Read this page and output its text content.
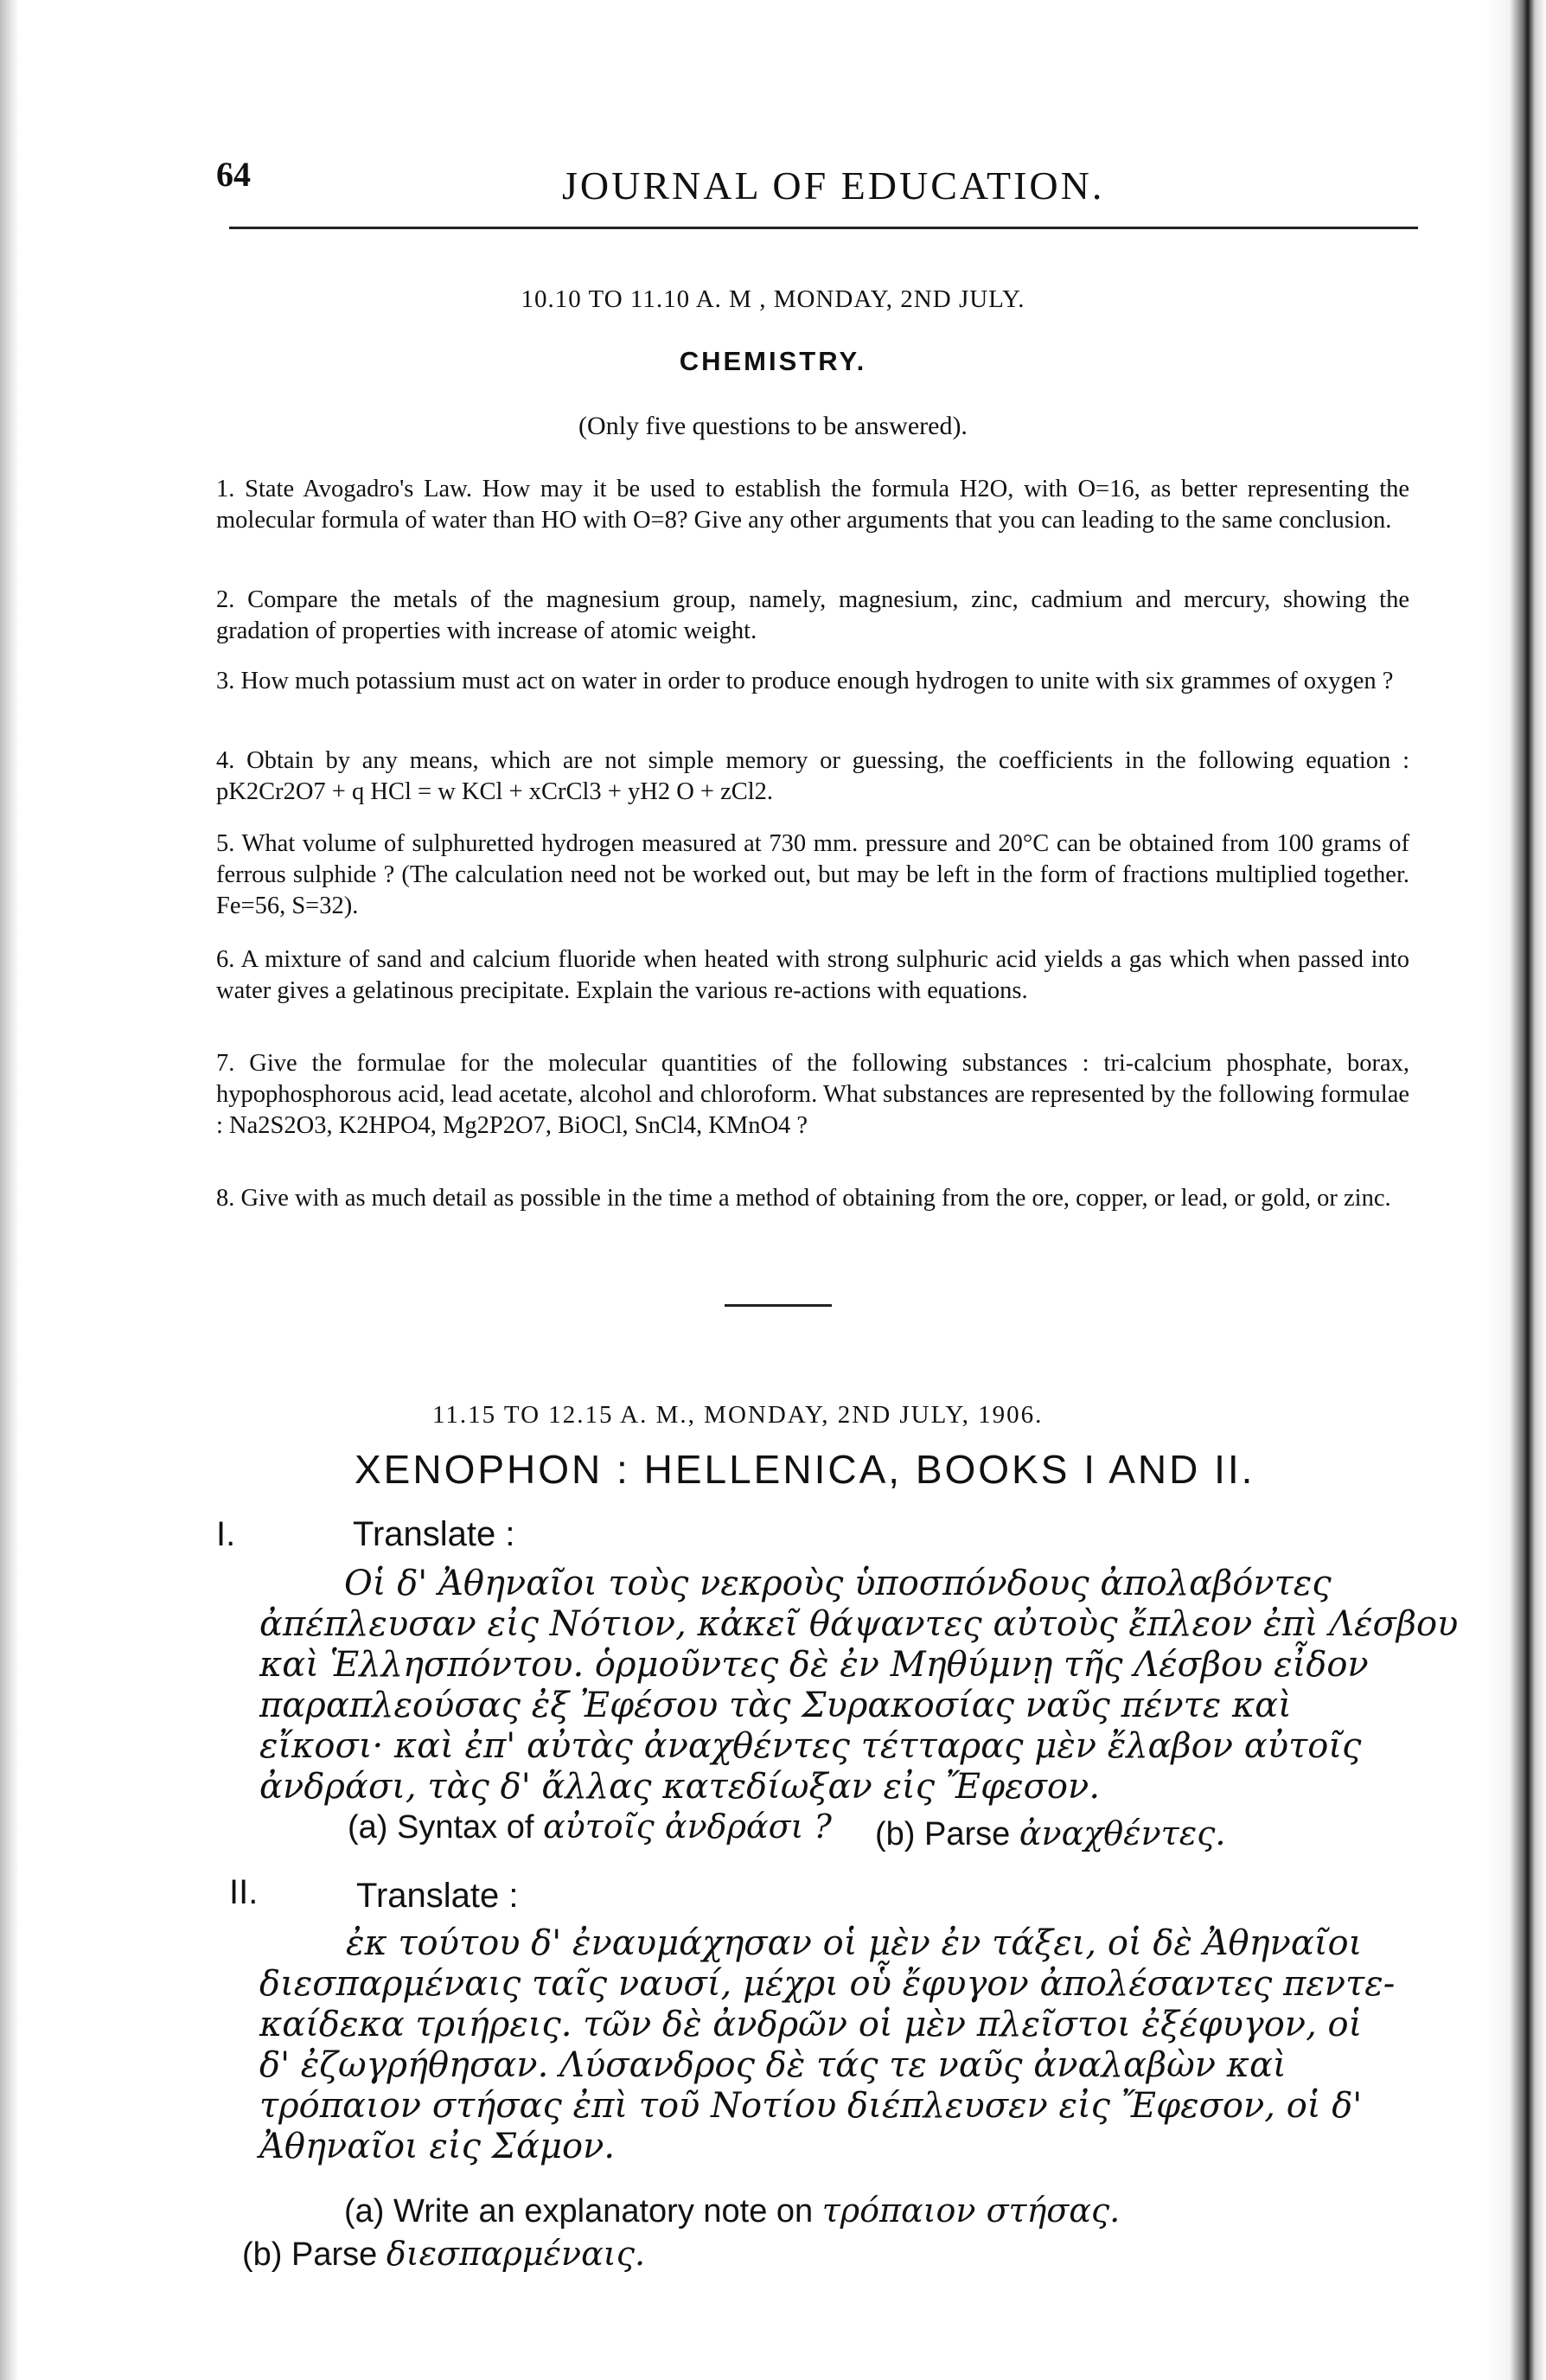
64	JOURNAL OF EDUCATION.
10.10 TO 11.10 A. M , MONDAY, 2ND JULY.
CHEMISTRY.
(Only five questions to be answered).
1. State Avogadro's Law. How may it be used to establish the formula H2O, with O=16, as better representing the molecular formula of water than HO with O=8? Give any other arguments that you can leading to the same conclusion.
2. Compare the metals of the magnesium group, namely, magnesium, zinc, cadmium and mercury, showing the gradation of properties with increase of atomic weight.
3. How much potassium must act on water in order to produce enough hydrogen to unite with six grammes of oxygen ?
4. Obtain by any means, which are not simple memory or guessing, the coefficients in the following equation : pK2Cr2O7 + q HCl = w KCl + xCrCl3 + yH2 O + zCl2.
5. What volume of sulphuretted hydrogen measured at 730 mm. pressure and 20°C can be obtained from 100 grams of ferrous sulphide ? (The calculation need not be worked out, but may be left in the form of fractions multiplied together. Fe=56, S=32).
6. A mixture of sand and calcium fluoride when heated with strong sulphuric acid yields a gas which when passed into water gives a gelatinous precipitate. Explain the various re-actions with equations.
7. Give the formulae for the molecular quantities of the following substances : tri-calcium phosphate, borax, hypophosphorous acid, lead acetate, alcohol and chloroform. What substances are represented by the following formulae : Na2S2O3, K2HPO4, Mg2P2O7, BiOCl, SnCl4, KMnO4 ?
8. Give with as much detail as possible in the time a method of obtaining from the ore, copper, or lead, or gold, or zinc.
11.15 TO 12.15 A. M., MONDAY, 2ND JULY, 1906.
XENOPHON : HELLENICA, BOOKS I AND II.
I.	Translate :
Οἱ δ' Ἀθηναῖοι τοὺς νεκροὺς ὑποσπόνδους ἀπολαβόντες
ἀπέπλευσαν εἰς Νότιον, κἀκεῖ θάψαντες αὐτοὺς ἔπλεον ἐπὶ Λέσβου
καὶ Ἑλλησπόντου. ὁρμοῦντες δὲ ἐν Μηθύμνῃ τῆς Λέσβου εἶδον
παραπλεούσας ἐξ Ἐφέσου τὰς Συρακοσίας ναῦς πέντε καὶ
εἴκοσι· καὶ ἐπ' αὐτὰς ἀναχθέντες τέτταρας μὲν ἔλαβον αὐτοῖς
ἀνδράσι, τὰς δ' ἄλλας κατεδίωξαν εἰς Ἔφεσον.
(a) Syntax of αὐτοῖς ἀνδράσι ? (b) Parse ἀναχθέντες.
II.	Translate :
ἐκ τούτου δ' ἐναυμάχησαν οἱ μὲν ἐν τάξει, οἱ δὲ Ἀθηναῖοι
διεσπαρμέναις ταῖς ναυσί, μέχρι οὗ ἔφυγον ἀπολέσαντες πεντε-
καίδεκα τριήρεις. τῶν δὲ ἀνδρῶν οἱ μὲν πλεῖστοι ἐξέφυγον, οἱ
δ' ἐζωγρήθησαν. Λύσανδρος δὲ τάς τε ναῦς ἀναλαβὼν καὶ
τρόπαιον στήσας ἐπὶ τοῦ Νοτίου διέπλευσεν εἰς Ἔφεσον, οἱ δ'
Ἀθηναῖοι εἰς Σάμον.
(a) Write an explanatory note on τρόπαιον στήσας.
(b) Parse διεσπαρμέναις.
